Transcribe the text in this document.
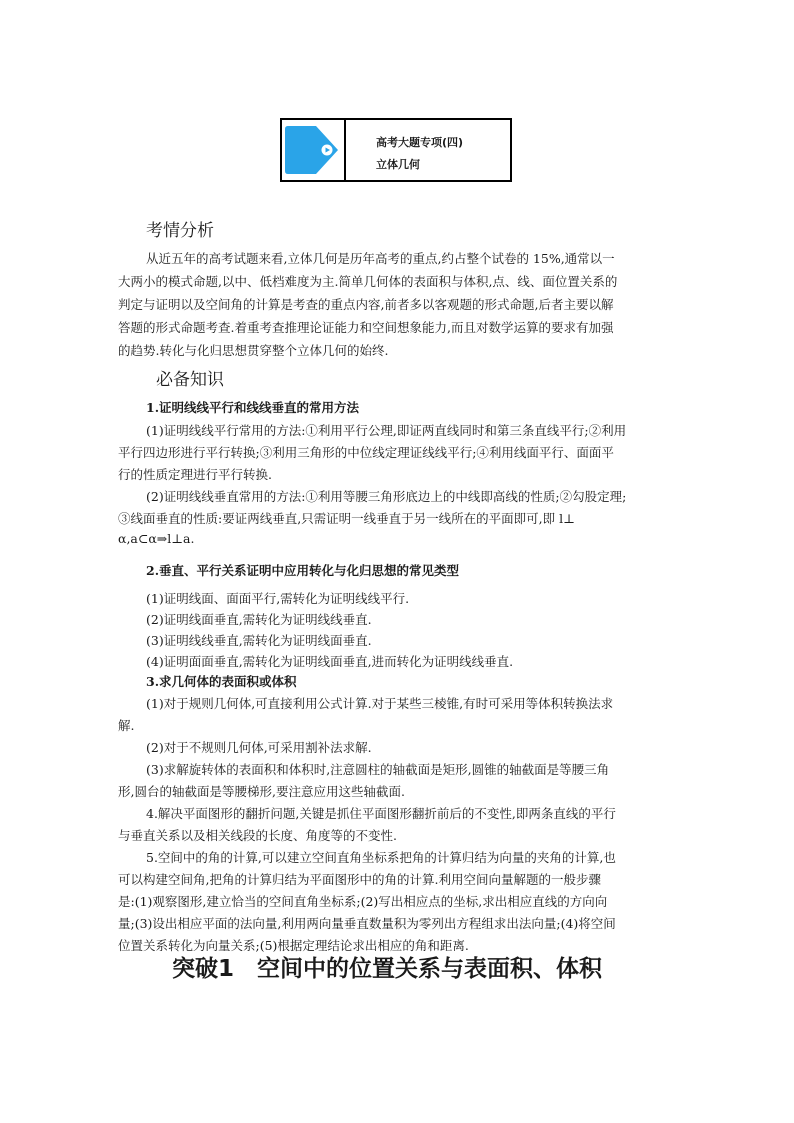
高考大题专项(四)
立体几何
考情分析
从近五年的高考试题来看,立体几何是历年高考的重点,约占整个试卷的 15%,通常以一
大两小的模式命题,以中、低档难度为主.简单几何体的表面积与体积,点、线、面位置关系的
判定与证明以及空间角的计算是考查的重点内容,前者多以客观题的形式命题,后者主要以解
答题的形式命题考查.着重考查推理论证能力和空间想象能力,而且对数学运算的要求有加强
的趋势.转化与化归思想贯穿整个立体几何的始终.
必备知识
1.证明线线平行和线线垂直的常用方法
(1)证明线线平行常用的方法:①利用平行公理,即证两直线同时和第三条直线平行;②利用
平行四边形进行平行转换;③利用三角形的中位线定理证线线平行;④利用线面平行、面面平
行的性质定理进行平行转换.
(2)证明线线垂直常用的方法:①利用等腰三角形底边上的中线即高线的性质;②勾股定理;
③线面垂直的性质:要证两线垂直,只需证明一线垂直于另一线所在的平面即可,即 l⊥
α,a⊂α⇒l⊥a.
2.垂直、平行关系证明中应用转化与化归思想的常见类型
(1)证明线面、面面平行,需转化为证明线线平行.
(2)证明线面垂直,需转化为证明线线垂直.
(3)证明线线垂直,需转化为证明线面垂直.
(4)证明面面垂直,需转化为证明线面垂直,进而转化为证明线线垂直.
3.求几何体的表面积或体积
(1)对于规则几何体,可直接利用公式计算.对于某些三棱锥,有时可采用等体积转换法求
解.
(2)对于不规则几何体,可采用割补法求解.
(3)求解旋转体的表面积和体积时,注意圆柱的轴截面是矩形,圆锥的轴截面是等腰三角
形,圆台的轴截面是等腰梯形,要注意应用这些轴截面.
4.解决平面图形的翻折问题,关键是抓住平面图形翻折前后的不变性,即两条直线的平行
与垂直关系以及相关线段的长度、角度等的不变性.
5.空间中的角的计算,可以建立空间直角坐标系把角的计算归结为向量的夹角的计算,也
可以构建空间角,把角的计算归结为平面图形中的角的计算.利用空间向量解题的一般步骤
是:(1)观察图形,建立恰当的空间直角坐标系;(2)写出相应点的坐标,求出相应直线的方向向
量;(3)设出相应平面的法向量,利用两向量垂直数量积为零列出方程组求出法向量;(4)将空间
位置关系转化为向量关系;(5)根据定理结论求出相应的角和距离.
突破1　空间中的位置关系与表面积、体积
